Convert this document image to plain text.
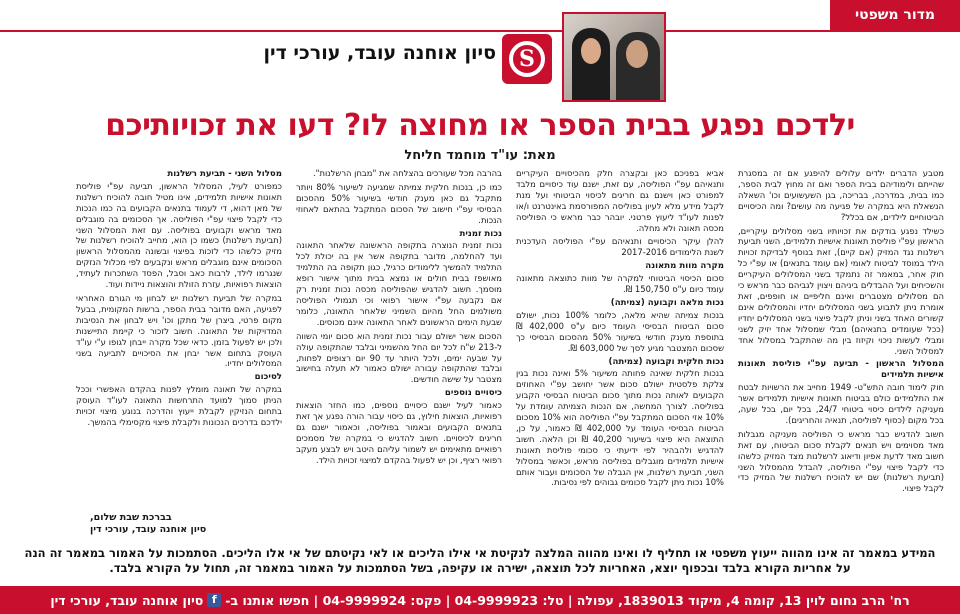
מדור משפטי
S
סיון אוחנה עובד, עורכי דין
ילדכם נפגע בבית הספר או מחוצה לו? דעו את זכויותיכם
מאת: עו"ד מוחמד חליחל

מטבע הדברים ילדים עלולים להיפגע אם זה במסגרת שהייתם ולימודיהם בבית הספר ואם זה מחוץ לבית הספר, כמו בבית, במדרכה, בבריכה, בגן השעשועים וכו' השאלה הנשאלת היא במקרה של פגיעה מה עושים? ומה הכיסויים הביטוחיים לילדים, אם בכלל?

כשילד נפגע בודקים את זכויותיו בשני מסלולים עיקריים, הראשון עפ"י פוליסת תאונות אישיות תלמידים, השני תביעת רשלנות נגד המזיק (אם קיים), זאת בנוסף לבדיקת זכויות הילד במוסד לביטוח לאומי (אם עומד בתנאים) או עפ"י כל חוק אחר, במאמר זה נתמקד בשני המסלולים העיקריים והשכיחים ועל ההבדלים ביניהם ויצוין לגביהם כבר מראש כי הם מסלולים מצטברים ואינם חליפיים או חופפים, זאת אומרת ניתן לתבוע בשני המסלולים יחדיו והמסלולים אינם קשורים האחד בשני וניתן לקבל פיצוי בשני המסלולים יחדיו (ככל שעומדים בתנאיהם) מבלי שמסלול אחד יזיק לשני ומבלי לעשות ניכוי וקיזוז בין מה שהתקבל במסלול אחד למסלול השני.

המסלול הראשון - תביעה עפ"י פוליסת תאונות אישיות תלמידים

חוק לימוד חובה התש"ט- 1949 מחייב את הרשויות לבטח את התלמידים כולם בביטוח תאונות אישיות תלמידים אשר מעניקה לילדים כיסוי ביטוחי 24/7, בכל יום, בכל שעה, בכל מקום (כסוף לפוליסה, תנאיה והחריגים).

חשוב להדגיש כבר מראש כי הפוליסה מעניקה מגבלות מאד מסוימים ויש תנאים לקבלת סכום הביטוח, עם זאת חשוב מאד לדעת אפיון ודיאוג לרשלנות מצד המזיק כלשהו כדי לקבל פיצוי עפ"י הפוליסה, להבדל מהמסלול השני (תביעת רשלנות) שם יש להוכיח רשלנות של המזיק כדי לקבל פיצוי.

אביא בפניכם כאן ובקצרה חלק מהכיסויים העיקריים ותנאיהם עפ"י הפוליסה, עם זאת, ישנם עוד כיסויים מלבד למפורט כאן וישנם גם חריגים לכיסוי הביטוחי ועל מנת לקבל מידע מלא לעיון בפוליסה המפורסמת באינטרנט ו/או לפנות לעו"ד ליעוץ פרטני. יובהר כבר מראש כי הפוליסה מכסה תאונה ולא מחלה.

להלן עיקר הכיסויים ותנאיהם עפ"י הפוליסה העדכנית לשנת הלימודים 2017-2016

מקרה מוות מתאונה

סכום הכיסוי הביטוחי למקרה של מוות כתוצאה מתאונה עומד כיום ע"ס 150,750 ₪.

נכות מלאה וקבועה (צמיתה)

בנכות צמיתה שהיא מלאה, כלומר 100% נכות, ישולם סכום הביטוח הבסיסי העומד כיום ע"ס 402,000 ₪ בתוספת מענק חודשי בשיעור 50% מהסכום הבסיסי כך שסכום המצטבר מגיע לסך של 603,000 ₪.

נכות חלקית וקבועה (צמיתה)

בנכות חלקית שאינה פחותה משיעור 5% ואינה נכות בגין צלקת פלסטית ישולם סכום אשר יחושב עפ"י האחוזים הקבועים לאותה נכות מתוך סכום הביטוח הבסיסי הקבוע בפוליסה. לצורך המחשה, אם הנכות הצמיתה עומדת על 10% אזי הסכום המתקבל עפ"י הפוליסה הוא 10% מסכום הביטוח הבסיסי העומד על 402,000 ₪ כאמור, על כן, התוצאה היא פיצוי בשיעור 40,200 ₪ וכן הלאה. חשוב להדגיש ולהבהיר לפי ידיעתי כי סכומי פוליסת תאונות אישיות תלמידים מוגבלים בפוליסה מראש, וכאשר במסלול השני, תביעת רשלנות, אין הגבלה של הסכומים ועבור אותם 10% נכות ניתן לקבל סכומים גבוהים לפי נסיבות.

בהרבה מכל שעורכים בהצלחה את "מבחן הרשלנות".

כמו כן, בנכות חלקית צמיתה שמגיעה לשיעור 80% ויותר מתקבל גם כאן מענק חודשי בשיעור 50% מהסכום הבסיסי עפ"י חישוב של הסכום המתקבל בהתאם לאחוזי הנכות.

נכות זמנית

נכות זמנית הנוצרה בתקופה הראשונה שלאחר התאונה ועד להחלמה, מדובר בתקופה אשר אין בה יכולת לכל התלמיד להמשיך ללימודים כרגיל, כגון תקופה בה התלמיד מאושפז בבית חולים או נמצא בבית מתוך אישור רופא מוסמך. חשוב להדגיש שהפוליסה מכסה נכות זמנית רק אם נקבעה עפ"י אישור רפואי וכי תגמולי הפוליסה משולמים החל מהיום השמיני שלאחר התאונה, כלומר שבעת הימים הראשונים לאחר התאונה אינם מכוסים.

הסכום אשר ישולם עבור נכות זמנית הוא סכום יומי השווה ל-213 ש"ח לכל יום החל מהשמיני ובלבד שהתקופה עולה על שבעה ימים, ולכל היותר עד 90 יום רצופים לפחות, ובלבד שהתקופה עבורה ישולם כאמור לא תעלה בחישוב מצטבר על שישה חודשים.

כיסויים נוספים

כאמור לעיל ישנם כיסויים נוספים, כמו החזר הוצאות רפואיות, הוצאות חילוץ, גם כיסוי עבור הורה נפגע אך זאת בתנאים הקבועים ובאמור בפוליסה, וכאמור ישנם גם חריגים לכיסויים. חשוב להדגיש כי במקרה של מסמכים רפואיים מתאימים יש לשמור עליהם היטב ויש לבצע מעקב רפואי רציף, וכן יש לפעול בהקדם למיצוי זכויות הילד.

מסלול השני - תביעת רשלנות

כמפורט לעיל, המסלול הראשון, תביעה עפ"י פוליסת תאונות אישיות תלמידים, אינו מטיל חובה להוכיח רשלנות של מאן דהוא, די לעמוד בתנאים הקבועים בה כמו הנכות כדי לקבל פיצוי עפ"י הפוליסה. אך הסכומים בה מוגבלים מאד מראש וקבועים בפוליסה. עם זאת המסלול השני (תביעת רשלנות) כשמו כן הוא, מחייב להוכיח רשלנות של מזיק כלשהו כדי לזכות בפיצוי ובשונה מהמסלול הראשון הסכומים אינם מוגבלים מראש ונקבעים לפי מכלול הנזקים שנגרמו לילד, לרבות כאב וסבל, הפסד השתכרות לעתיד, הוצאות רפואיות, עזרת הזולת והוצאות ניידות ועוד.

במקרה של תביעת רשלנות יש לבחון מי הגורם האחראי לפגיעה, האם מדובר בבית הספר, ברשות המקומית, בבעל מקום פרטי, ביצרן של מתקן וכו' ויש לבחון את הנסיבות המדויקות של התאונה. חשוב לזכור כי קיימת התיישנות ולכן יש לפעול בזמן. כדאי שכל מקרה ייבחן לגופו ע"י עו"ד העוסק בתחום אשר יבחן את הסיכויים לתביעה בשני המסלולים יחדיו.

לסיכום

במקרה של תאונה מומלץ לפנות בהקדם האפשרי וככל הניתן סמוך למועד התרחשות התאונה לעו"ד העוסק בתחום הנזיקין לקבלת ייעוץ והדרכה בנוגע מיצוי זכויות ילדכם בדרכים הנכונות ולקבלת פיצוי מקסימלי בהמשך.

בברכת שבת שלום,
סיון אוחנה עובד, עורכי דין
המידע במאמר זה אינו מהווה ייעוץ משפטי או תחליף לו ואינו מהווה המלצה לנקיטת אי אילו הליכים או לאי נקיטתם של אי אלו הליכים. הסתמכות על האמור במאמר זה הנה על אחריות הקורא בלבד ובכפוף יוצא, האחריות לכל תוצאה, ישירה או עקיפה, בשל הסתמכות על האמור במאמר זה, תחול על הקורא בלבד.
רח' הרב נחום לוין 13, קומה 4, מיקוד 1839013, עפולה

|

טל: 04-9999923

|

פקס: 04-9999924

|

חפשו אותנו ב-
f
סיון אוחנה עובד, עורכי דין
